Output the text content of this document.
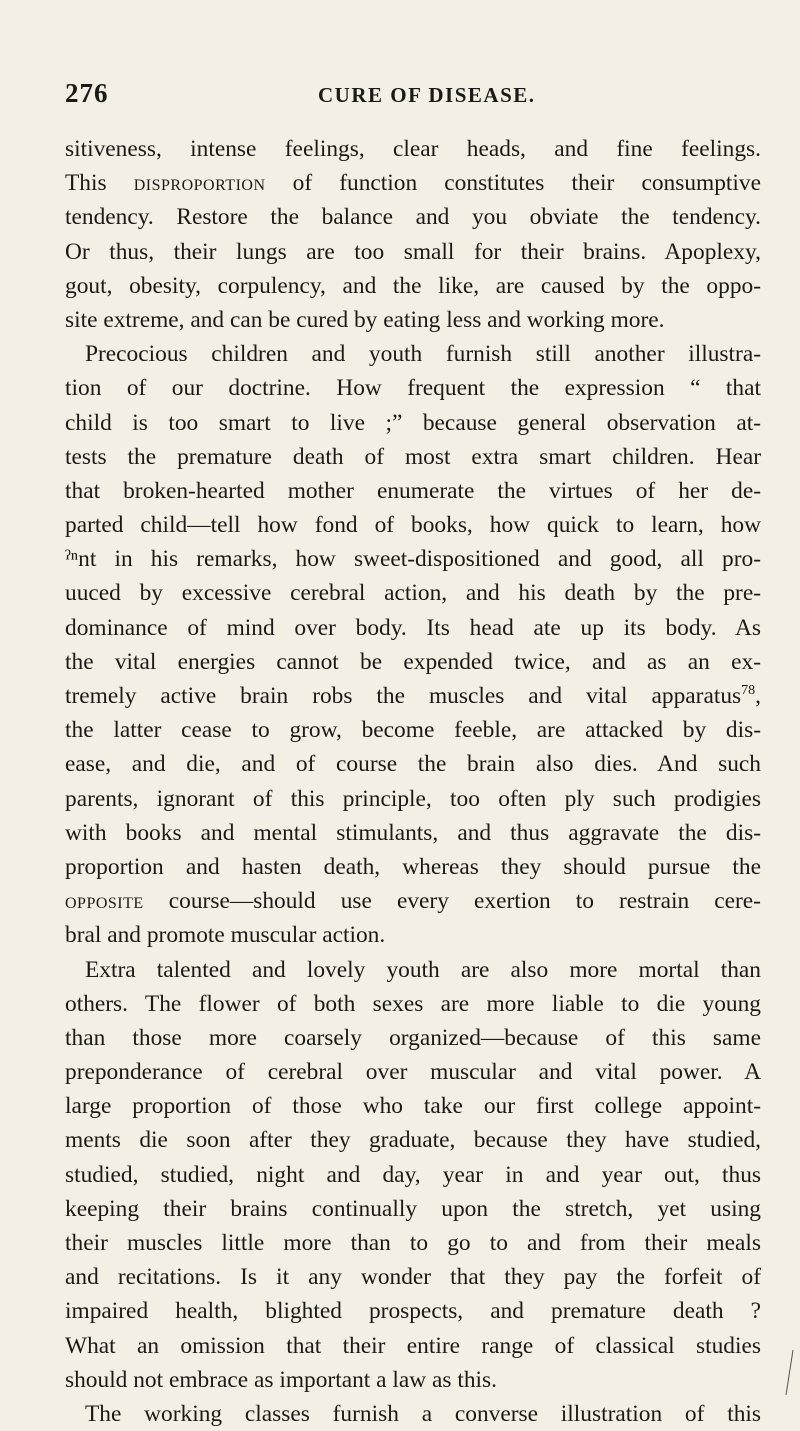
276	CURE OF DISEASE.
sitiveness, intense feelings, clear heads, and fine feelings.
This disproportion of function constitutes their consumptive
tendency. Restore the balance and you obviate the tendency.
Or thus, their lungs are too small for their brains. Apoplexy,
gout, obesity, corpulency, and the like, are caused by the oppo-
site extreme, and can be cured by eating less and working more.
Precocious children and youth furnish still another illustra-
tion of our doctrine. How frequent the expression “ that
child is too smart to live ;” because general observation at-
tests the premature death of most extra smart children. Hear
that broken-hearted mother enumerate the virtues of her de-
parted child—tell how fond of books, how quick to learn, how
ˀⁿnt in his remarks, how sweet-dispositioned and good, all pro-
uuced by excessive cerebral action, and his death by the pre-
dominance of mind over body. Its head ate up its body. As
the vital energies cannot be expended twice, and as an ex-
tremely active brain robs the muscles and vital apparatus$^{78}$,
the latter cease to grow, become feeble, are attacked by dis-
ease, and die, and of course the brain also dies. And such
parents, ignorant of this principle, too often ply such prodigies
with books and mental stimulants, and thus aggravate the dis-
proportion and hasten death, whereas they should pursue the
opposite course—should use every exertion to restrain cere-
bral and promote muscular action.
Extra talented and lovely youth are also more mortal than
others. The flower of both sexes are more liable to die young
than those more coarsely organized—because of this same
preponderance of cerebral over muscular and vital power. A
large proportion of those who take our first college appoint-
ments die soon after they graduate, because they have studied,
studied, studied, night and day, year in and year out, thus
keeping their brains continually upon the stretch, yet using
their muscles little more than to go to and from their meals
and recitations. Is it any wonder that they pay the forfeit of
impaired health, blighted prospects, and premature death ?
What an omission that their entire range of classical studies
should not embrace as important a law as this.
The working classes furnish a converse illustration of this
